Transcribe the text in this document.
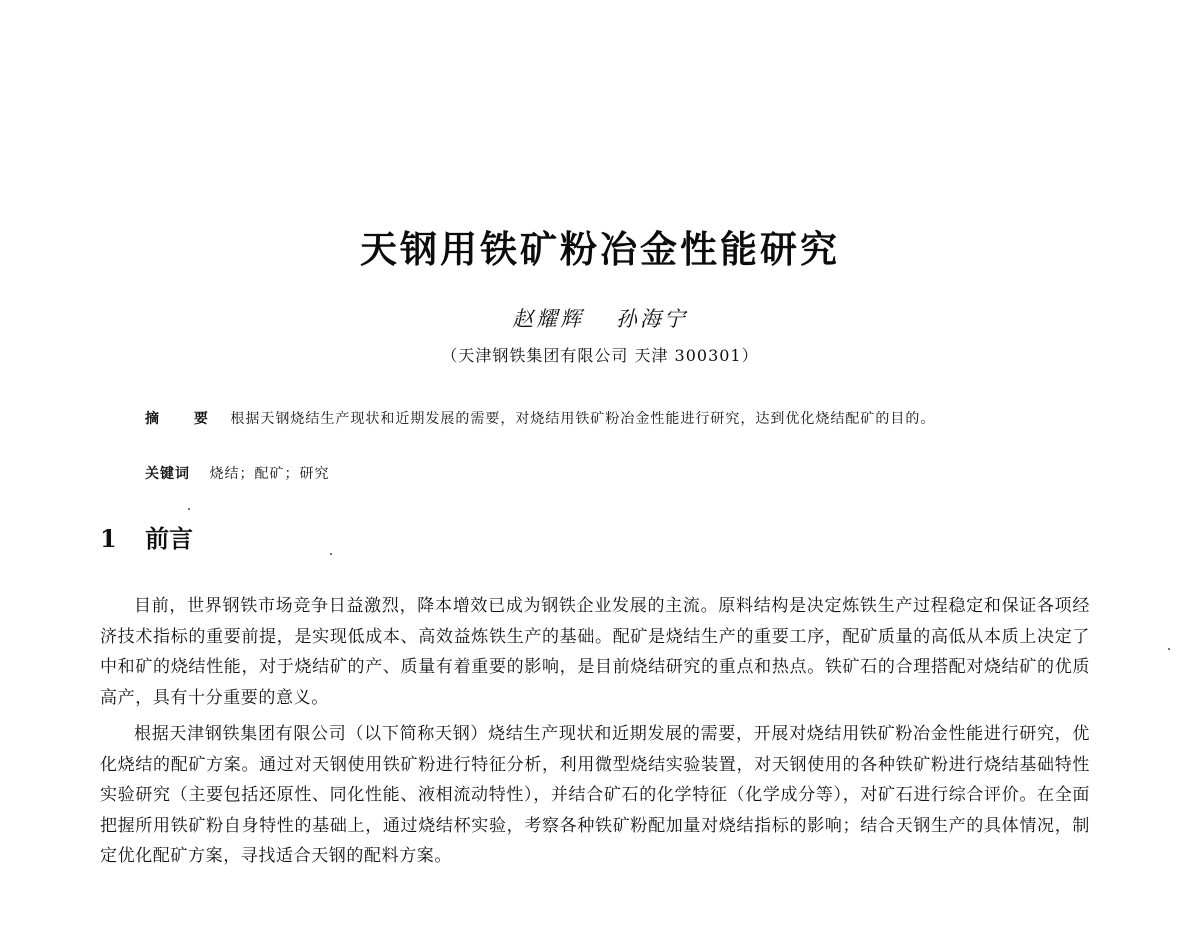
天钢用铁矿粉冶金性能研究
赵耀辉 孙海宁
（天津钢铁集团有限公司 天津 300301）
摘 要 根据天钢烧结生产现状和近期发展的需要，对烧结用铁矿粉冶金性能进行研究，达到优化烧结配矿的目的。
关键词 烧结；配矿；研究
1 前言
目前，世界钢铁市场竞争日益激烈，降本增效已成为钢铁企业发展的主流。原料结构是决定炼铁生产过程稳定和保证各项经济技术指标的重要前提，是实现低成本、高效益炼铁生产的基础。配矿是烧结生产的重要工序，配矿质量的高低从本质上决定了中和矿的烧结性能，对于烧结矿的产、质量有着重要的影响，是目前烧结研究的重点和热点。铁矿石的合理搭配对烧结矿的优质高产，具有十分重要的意义。
根据天津钢铁集团有限公司（以下简称天钢）烧结生产现状和近期发展的需要，开展对烧结用铁矿粉冶金性能进行研究，优化烧结的配矿方案。通过对天钢使用铁矿粉进行特征分析，利用微型烧结实验装置，对天钢使用的各种铁矿粉进行烧结基础特性实验研究（主要包括还原性、同化性能、液相流动特性），并结合矿石的化学特征（化学成分等），对矿石进行综合评价。在全面把握所用铁矿粉自身特性的基础上，通过烧结杯实验，考察各种铁矿粉配加量对烧结指标的影响；结合天钢生产的具体情况，制定优化配矿方案，寻找适合天钢的配料方案。
